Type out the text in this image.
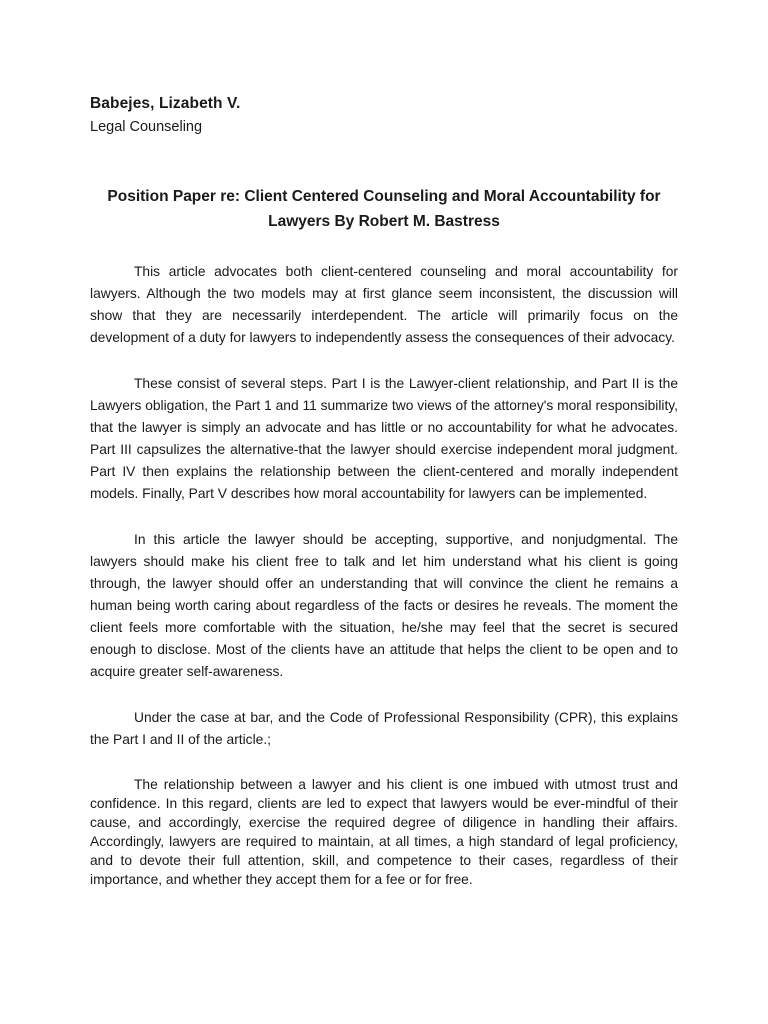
Babejes, Lizabeth V.
Legal Counseling
Position Paper re: Client Centered Counseling and Moral Accountability for Lawyers By Robert M. Bastress

This article advocates both client-centered counseling and moral accountability for lawyers. Although the two models may at first glance seem inconsistent, the discussion will show that they are necessarily interdependent. The article will primarily focus on the development of a duty for lawyers to independently assess the consequences of their advocacy.

These consist of several steps. Part I is the Lawyer-client relationship, and Part II is the Lawyers obligation, the Part 1 and 11 summarize two views of the attorney's moral responsibility, that the lawyer is simply an advocate and has little or no accountability for what he advocates. Part III capsulizes the alternative-that the lawyer should exercise independent moral judgment. Part IV then explains the relationship between the client-centered and morally independent models. Finally, Part V describes how moral accountability for lawyers can be implemented.

In this article the lawyer should be accepting, supportive, and nonjudgmental. The lawyers should make his client free to talk and let him understand what his client is going through, the lawyer should offer an understanding that will convince the client he remains a human being worth caring about regardless of the facts or desires he reveals. The moment the client feels more comfortable with the situation, he/she may feel that the secret is secured enough to disclose. Most of the clients have an attitude that helps the client to be open and to acquire greater self-awareness.

Under the case at bar, and the Code of Professional Responsibility (CPR), this explains the Part I and II of the article.;

The relationship between a lawyer and his client is one imbued with utmost trust and confidence. In this regard, clients are led to expect that lawyers would be ever-mindful of their cause, and accordingly, exercise the required degree of diligence in handling their affairs. Accordingly, lawyers are required to maintain, at all times, a high standard of legal proficiency, and to devote their full attention, skill, and competence to their cases, regardless of their importance, and whether they accept them for a fee or for free.
